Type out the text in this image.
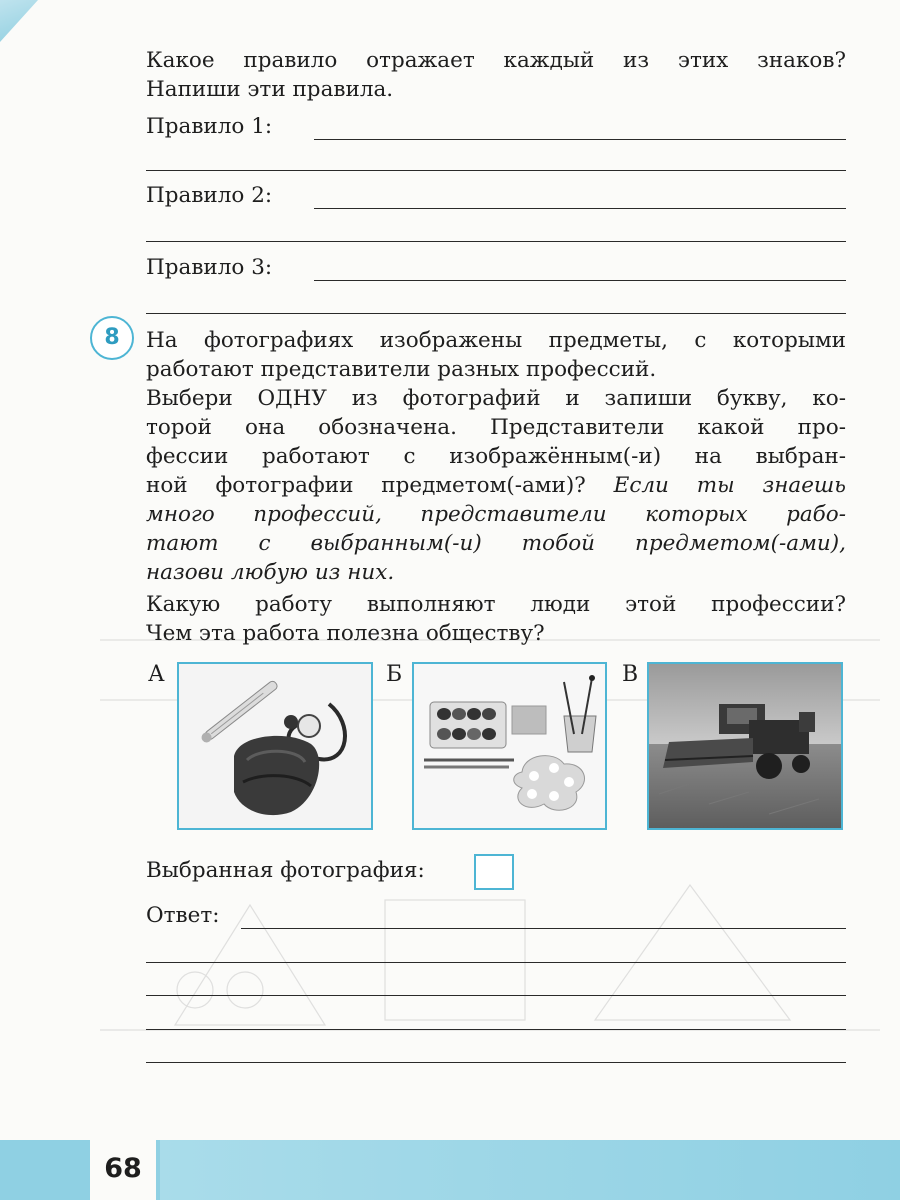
Какое правило отражает каждый из этих знаков?
Напиши эти правила.
Правило 1:
Правило 2:
Правило 3:
8	На фотографиях изображены предметы, с которыми
работают представители разных профессий.
Выбери ОДНУ из фотографий и запиши букву, ко-
торой она обозначена. Представители какой про-
фессии работают с изображённым(-и) на выбран-
ной фотографии предметом(-ами)? Если ты знаешь
много профессий, представители которых рабо-
тают с выбранным(-и) тобой предметом(-ами),
назови любую из них.
Какую работу выполняют люди этой профессии?
Чем эта работа полезна обществу?
А	Б	В
Выбранная фотография:
Ответ:
68
